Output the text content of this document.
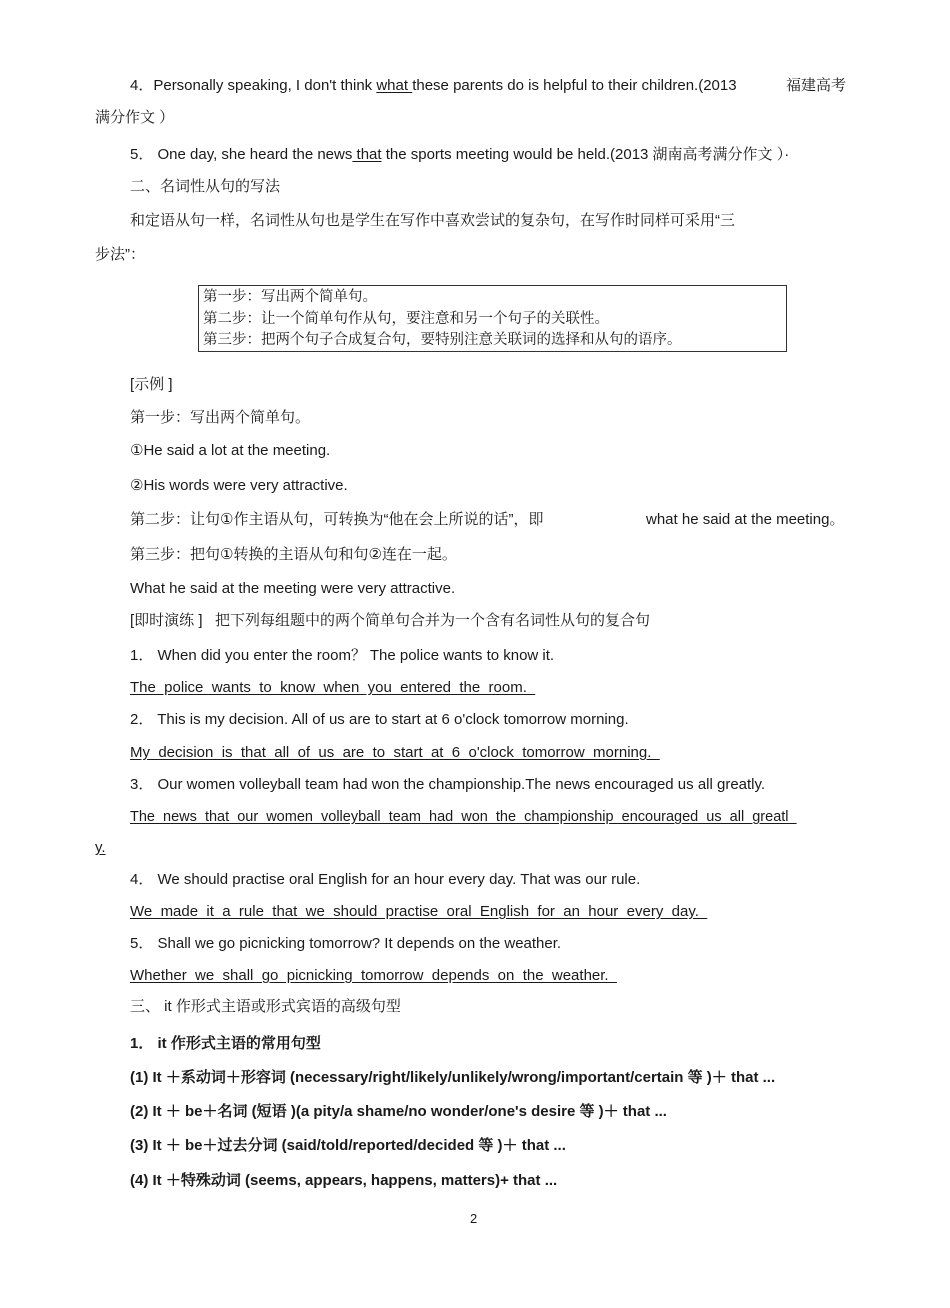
4．Personally speaking, I don't think what these parents do is helpful to their children.(2013	福建高考
满分作文 ）
5． One day, she heard the news that the sports meeting would be held.(2013 湖南高考满分作文 ）·
二、名词性从句的写法
和定语从句一样，名词性从句也是学生在写作中喜欢尝试的复杂句，在写作时同样可采用“三
步法”：
第一步：写出两个简单句。
第二步：让一个简单句作从句，要注意和另一个句子的关联性。
第三步：把两个句子合成复合句，要特别注意关联词的选择和从句的语序。
[示例 ]
第一步：写出两个简单句。
①He said a lot at the meeting.
②His words were very attractive.
第二步：让句①作主语从句，可转换为“他在会上所说的话”，即	what he said at the meeting。
第三步：把句①转换的主语从句和句②连在一起。
What he said at the meeting were very attractive.
[即时演练 ] 把下列每组题中的两个简单句合并为一个含有名词性从句的复合句
1． When did you enter the room？ The police wants to know it.
The  police  wants  to  know  when  you  entered  the  room.
2． This is my decision. All of us are to start at 6 o'clock tomorrow morning.
My  decision  is  that  all  of  us  are  to  start  at  6  o'clock  tomorrow  morning.
3． Our women volleyball team had won the championship.The news encouraged us all greatly.
The  news  that  our  women  volleyball  team  had  won  the  championship  encouraged  us  all  greatl
y.
4． We should practise oral English for an hour every day. That was our rule.
We  made  it  a  rule  that  we  should  practise  oral  English  for  an  hour  every  day.
5． Shall we go picnicking tomorrow? It depends on the weather.
Whether  we  shall  go  picnicking  tomorrow  depends  on  the  weather.
三、 it 作形式主语或形式宾语的高级句型
1． it 作形式主语的常用句型
(1) It ＋系动词＋形容词 (necessary/right/likely/unlikely/wrong/important/certain 等 )＋ that ...
(2) It ＋ be＋名词 (短语 )(a pity/a shame/no wonder/one's desire 等 )＋ that ...
(3) It ＋ be＋过去分词 (said/told/reported/decided 等 )＋ that ...
(4) It ＋特殊动词 (seems, appears, happens, matters)+ that ...
2
